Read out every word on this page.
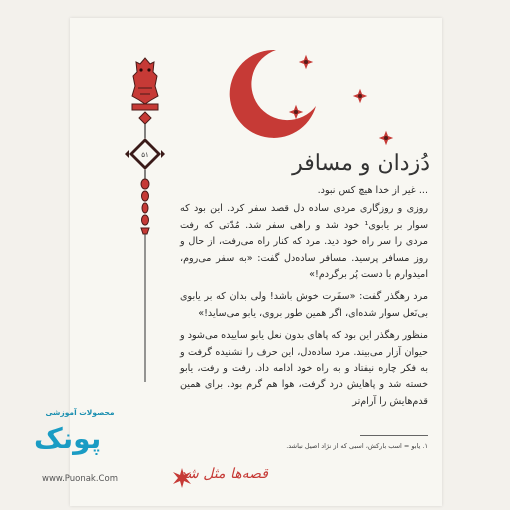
۵۱	دُزدان و مسافر

... غیر از خدا هیچ کس نبود.

روزی و روزگاری مردی ساده دل قصد سفر کرد. این بود که سوار بر یابوی¹ خود شد و راهی سفر شد. مُدّتی که رفت مردی را سر راه خود دید. مرد که کنار راه می‌رفت، از حال و روز مسافر پرسید. مسافر ساده‌دل گفت: «به سفر می‌روم، امیدوارم با دست پُر برگردم!»

مرد رهگذر گفت: «سفَرت خوش باشد! ولی بدان که بر یابوی بی‌نَعل سوار شده‌ای، اگر همین طور بروی، یابو می‌ساید!»

منظور رهگذر این بود که پاهای بدون نعل یابو ساییده می‌شود و حیوان آزار می‌بیند. مرد ساده‌دل، این حرف را نشنیده گرفت و به فکر چاره نیفتاد و به راه خود ادامه داد. رفت و رفت، یابو خسته شد و پاهایش درد گرفت، هوا هم گرم بود. برای همین قدم‌هایش را آرام‌تر

۱. یابو = اسب بارکش، اسبی که از نژاد اصیل نباشد.
قصه‌ها مثل شد
محصولات آموزشی
پونک
www.Puonak.Com
